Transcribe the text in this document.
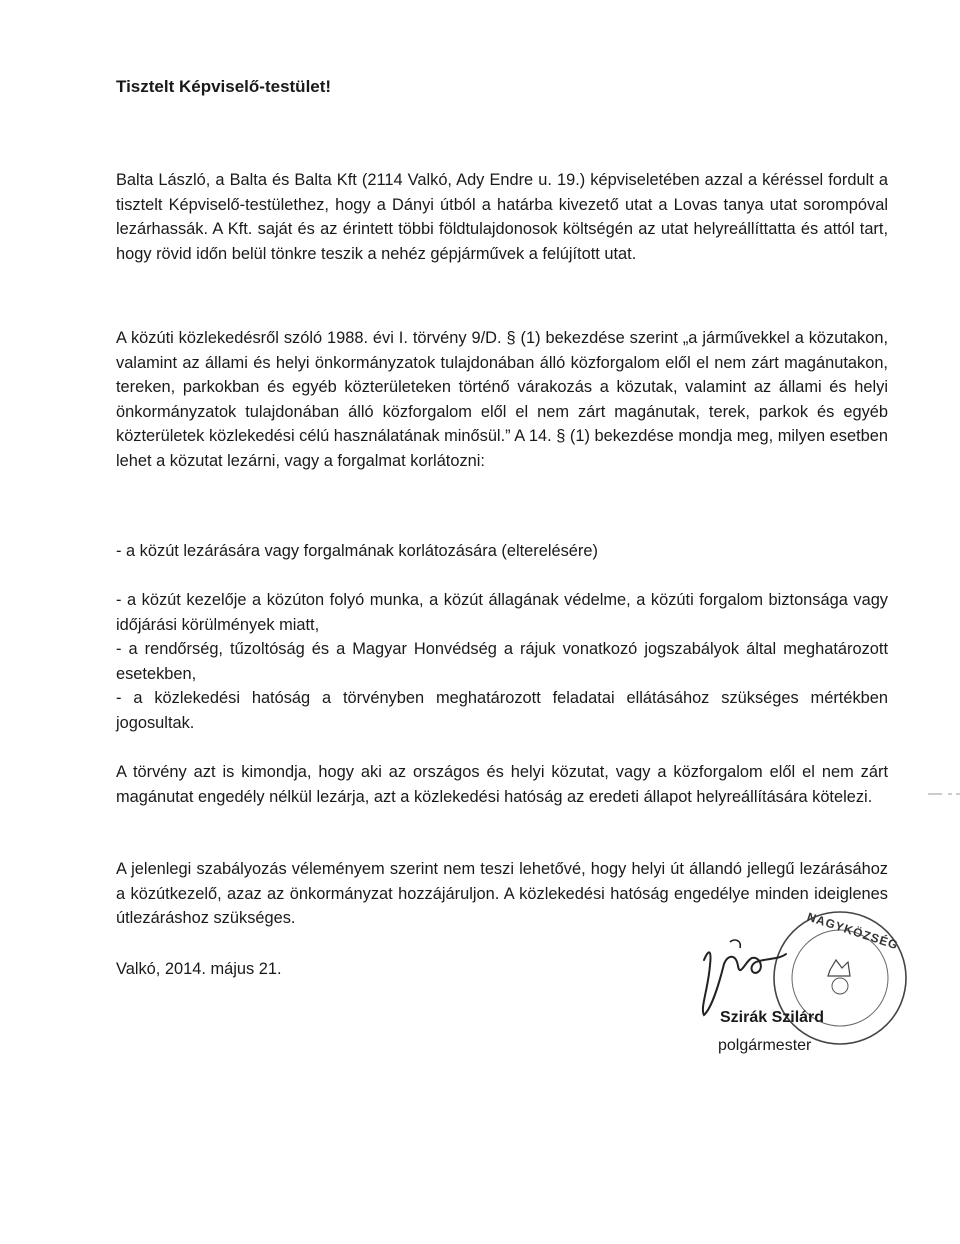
Tisztelt Képviselő-testület!

Balta László, a Balta és Balta Kft (2114 Valkó, Ady Endre u. 19.) képviseletében azzal a kéréssel fordult a tisztelt Képviselő-testülethez, hogy a Dányi útból a határba kivezető utat a Lovas tanya utat sorompóval lezárhassák. A Kft. saját és az érintett többi földtulajdonosok költségén az utat helyreállíttatta és attól tart, hogy rövid időn belül tönkre teszik a nehéz gépjárművek a felújított utat.

A közúti közlekedésről szóló 1988. évi I. törvény 9/D. § (1) bekezdése szerint „a járművekkel a közutakon, valamint az állami és helyi önkormányzatok tulajdonában álló közforgalom elől el nem zárt magánutakon, tereken, parkokban és egyéb közterületeken történő várakozás a közutak, valamint az állami és helyi önkormányzatok tulajdonában álló közforgalom elől el nem zárt magánutak, terek, parkok és egyéb közterületek közlekedési célú használatának minősül.” A 14. § (1) bekezdése mondja meg, milyen esetben lehet a közutat lezárni, vagy a forgalmat korlátozni:

- a közút lezárására vagy forgalmának korlátozására (elterelésére)

- a közút kezelője a közúton folyó munka, a közút állagának védelme, a közúti forgalom biztonsága vagy időjárási körülmények miatt,
- a rendőrség, tűzoltóság és a Magyar Honvédség a rájuk vonatkozó jogszabályok által meghatározott esetekben,
- a közlekedési hatóság a törvényben meghatározott feladatai ellátásához szükséges mértékben jogosultak.

A törvény azt is kimondja, hogy aki az országos és helyi közutat, vagy a közforgalom elől el nem zárt magánutat engedély nélkül lezárja, azt a közlekedési hatóság az eredeti állapot helyreállítására kötelezi.

A jelenlegi szabályozás véleményem szerint nem teszi lehetővé, hogy helyi út állandó jellegű lezárásához a közútkezelő, azaz az önkormányzat hozzájáruljon. A közlekedési hatóság engedélye minden ideiglenes útlezáráshoz szükséges.

Valkó, 2014. május 21.

NAGYKÖZSÉG
Szirák Szilárd
polgármester
